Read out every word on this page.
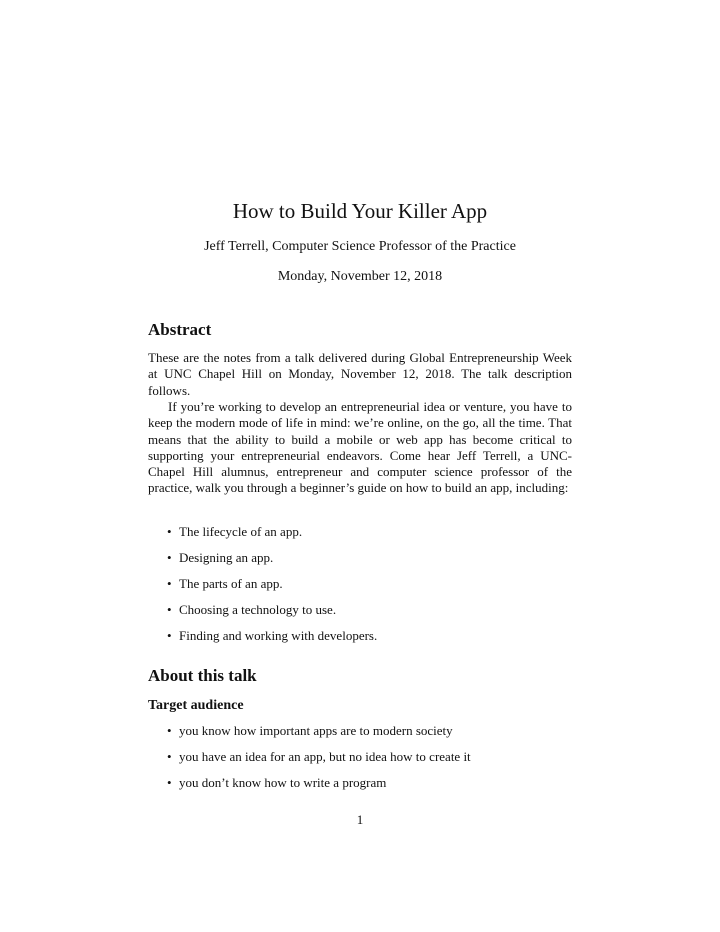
How to Build Your Killer App
Jeff Terrell, Computer Science Professor of the Practice
Monday, November 12, 2018
Abstract
These are the notes from a talk delivered during Global Entrepreneurship Week at UNC Chapel Hill on Monday, November 12, 2018. The talk description follows.
If you’re working to develop an entrepreneurial idea or venture, you have to keep the modern mode of life in mind: we’re online, on the go, all the time. That means that the ability to build a mobile or web app has become critical to supporting your entrepreneurial endeavors. Come hear Jeff Terrell, a UNC-Chapel Hill alumnus, entrepreneur and computer science professor of the practice, walk you through a beginner’s guide on how to build an app, including:
• The lifecycle of an app.
• Designing an app.
• The parts of an app.
• Choosing a technology to use.
• Finding and working with developers.
About this talk
Target audience
• you know how important apps are to modern society
• you have an idea for an app, but no idea how to create it
• you don’t know how to write a program
1
